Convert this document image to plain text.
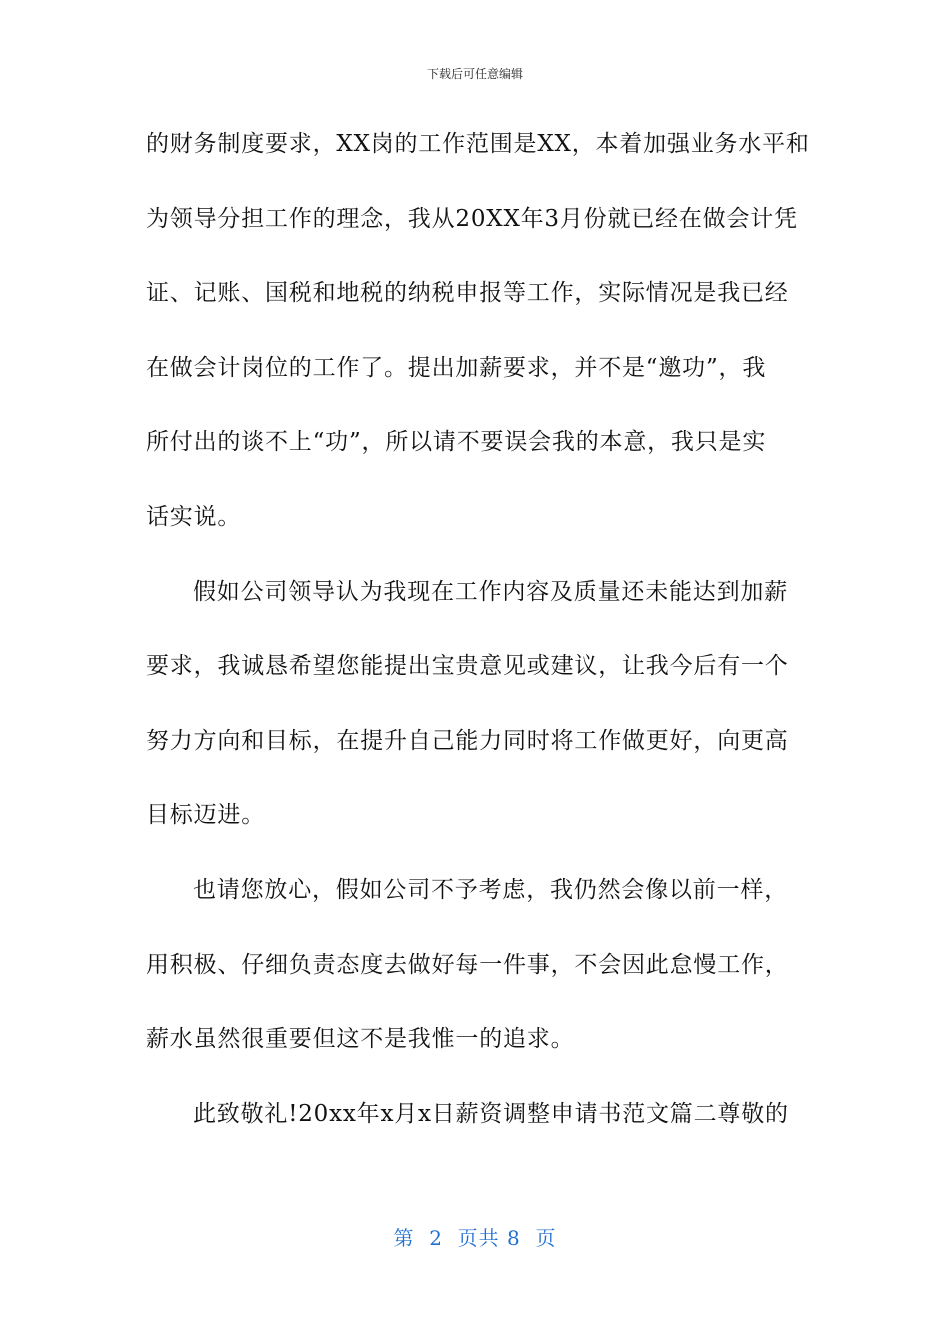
下载后可任意编辑
的财务制度要求，XX岗的工作范围是XX，本着加强业务水平和
为领导分担工作的理念，我从20XX年3月份就已经在做会计凭
证、记账、国税和地税的纳税申报等工作，实际情况是我已经
在做会计岗位的工作了。提出加薪要求，并不是“邀功”，我
所付出的谈不上“功”，所以请不要误会我的本意，我只是实
话实说。
假如公司领导认为我现在工作内容及质量还未能达到加薪
要求，我诚恳希望您能提出宝贵意见或建议，让我今后有一个
努力方向和目标，在提升自己能力同时将工作做更好，向更高
目标迈进。
也请您放心，假如公司不予考虑，我仍然会像以前一样，
用积极、仔细负责态度去做好每一件事，不会因此怠慢工作，
薪水虽然很重要但这不是我惟一的追求。
此致敬礼!20xx年x月x日薪资调整申请书范文篇二尊敬的
第  2  页共 8  页
